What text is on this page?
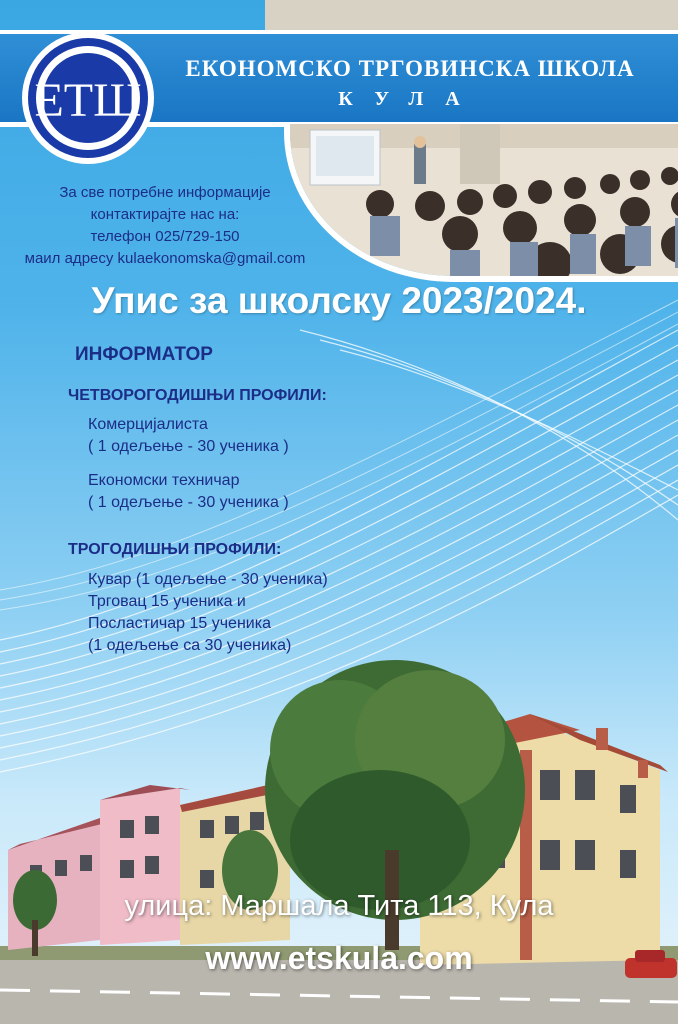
ЕКОНОМСКО ТРГОВИНСКА ШКОЛА
КУЛА
ЕТШ
За све потребне информације
контактирајте нас на:
телефон 025/729-150
маил адресу kulaekonomska@gmail.com
Упис за школску 2023/2024.
ИНФОРМАТОР
ЧЕТВОРОГОДИШЊИ ПРОФИЛИ:
Комерцијалиста
( 1 одељење - 30 ученика )
Економски техничар
( 1 одељење - 30 ученика )
ТРОГОДИШЊИ ПРОФИЛИ:
Кувар (1 одељење - 30 ученика)
Трговац 15 ученика и
Посластичар 15 ученика
(1 одељење са 30 ученика)
улица: Маршала Тита 113, Кула
www.etskula.com
